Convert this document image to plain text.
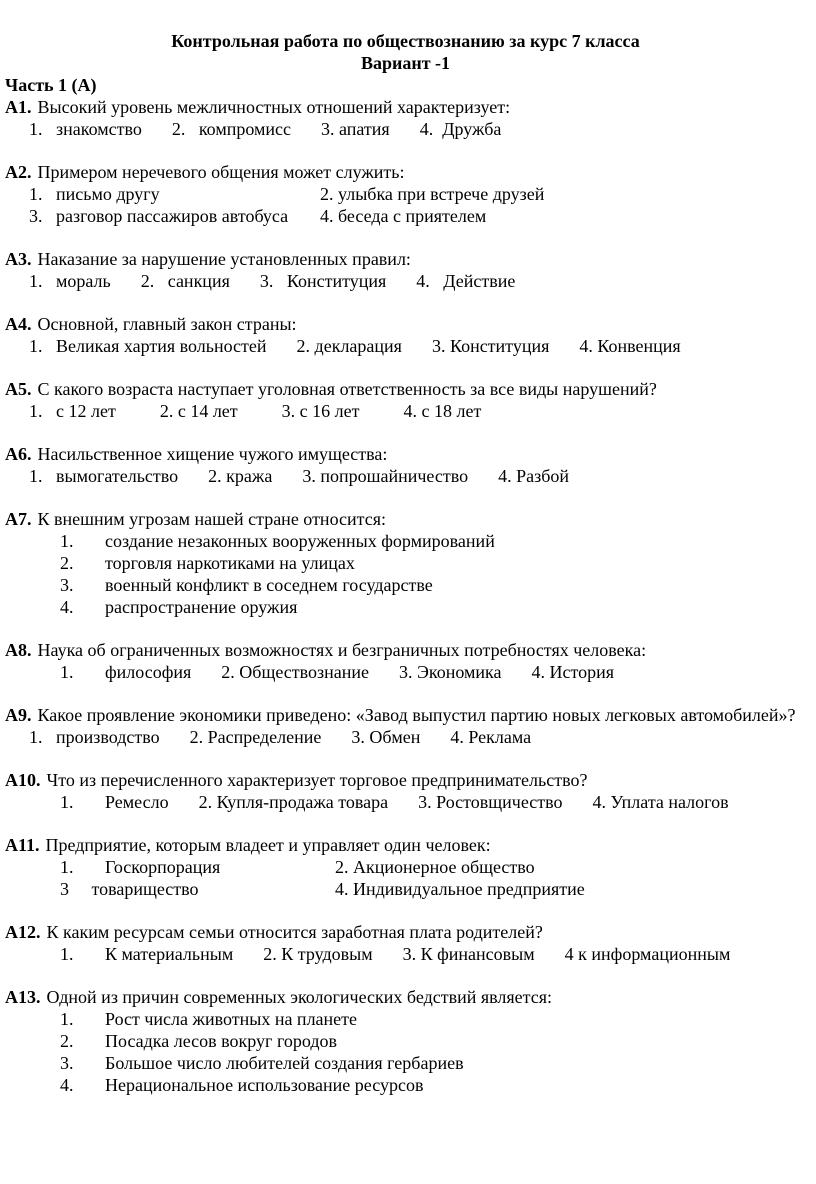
Контрольная работа по обществознанию за курс 7 класса
Вариант -1
Часть 1 (А)

А1. Высокий уровень межличностных отношений характеризует:

1.   знакомство 2.   компромисс 3. апатия 4.  Дружба

А2. Примером неречевого общения может служить:

1.   письмо другу	2. улыбка при встрече друзей
3.   разговор пассажиров автобуса	4. беседа с приятелем

А3. Наказание за нарушение установленных правил:

1.   мораль 2.   санкция 3.   Конституция 4.   Действие

А4. Основной, главный закон страны:

1.   Великая хартия вольностей 2. декларация 3. Конституция 4. Конвенция

А5. С какого возраста наступает уголовная ответственность за все виды нарушений?

1.   с 12 лет 2. с 14 лет 3. с 16 лет 4. с 18 лет

А6. Насильственное хищение чужого имущества:

1.   вымогательство 2. кража 3. попрошайничество 4. Разбой

А7. К внешним угрозам нашей стране относится:

1.	создание незаконных вооруженных формирований
2.	торговля наркотиками на улицах
3.	военный конфликт в соседнем государстве
4.	распространение оружия

А8. Наука об ограниченных возможностях и безграничных потребностях человека:

1.       философия 2. Обществознание 3. Экономика 4. История

А9. Какое проявление экономики приведено: «Завод выпустил партию новых легковых автомобилей»?

1.   производство 2. Распределение 3. Обмен 4. Реклама

А10. Что из перечисленного характеризует торговое предпринимательство?

1.       Ремесло 2. Купля-продажа товара 3. Ростовщичество 4. Уплата налогов

А11. Предприятие, которым владеет и управляет один человек:

1.       Госкорпорация	2. Акционерное общество
3     товарищество	4. Индивидуальное предприятие

А12. К каким ресурсам семьи относится заработная плата родителей?

1.       К материальным 2. К трудовым 3. К финансовым 4 к информационным

А13. Одной из причин современных экологических бедствий является:

1.	Рост числа животных на планете
2.	Посадка лесов вокруг городов
3.	Большое число любителей создания гербариев
4.	Нерациональное использование ресурсов
